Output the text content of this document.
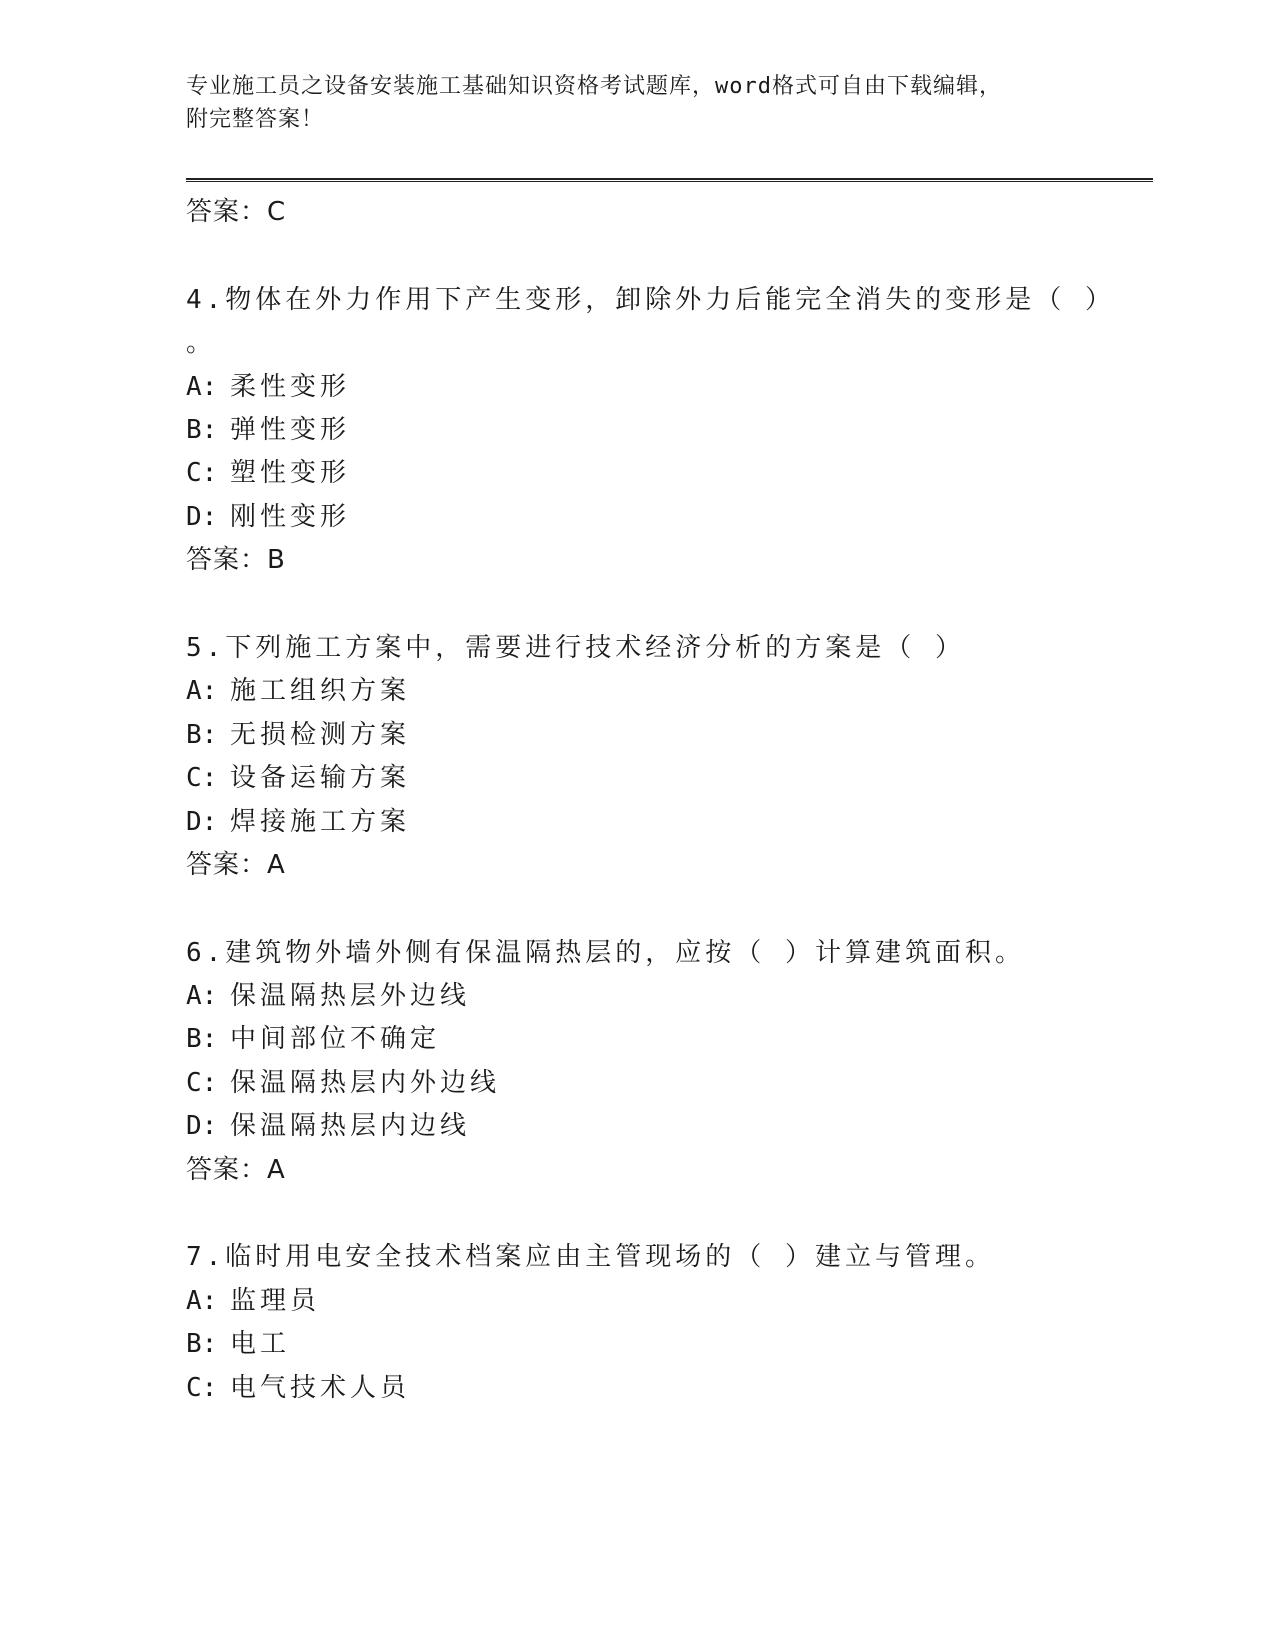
专业施工员之设备安装施工基础知识资格考试题库，word格式可自由下载编辑，
附完整答案！
答案：C
4.物体在外力作用下产生变形，卸除外力后能完全消失的变形是（ ）
。
A: 柔性变形
B: 弹性变形
C: 塑性变形
D: 刚性变形
答案：B
5.下列施工方案中，需要进行技术经济分析的方案是（ ）
A: 施工组织方案
B: 无损检测方案
C: 设备运输方案
D: 焊接施工方案
答案：A
6.建筑物外墙外侧有保温隔热层的，应按（ ）计算建筑面积。
A: 保温隔热层外边线
B: 中间部位不确定
C: 保温隔热层内外边线
D: 保温隔热层内边线
答案：A
7.临时用电安全技术档案应由主管现场的（ ）建立与管理。
A: 监理员
B: 电工
C: 电气技术人员
